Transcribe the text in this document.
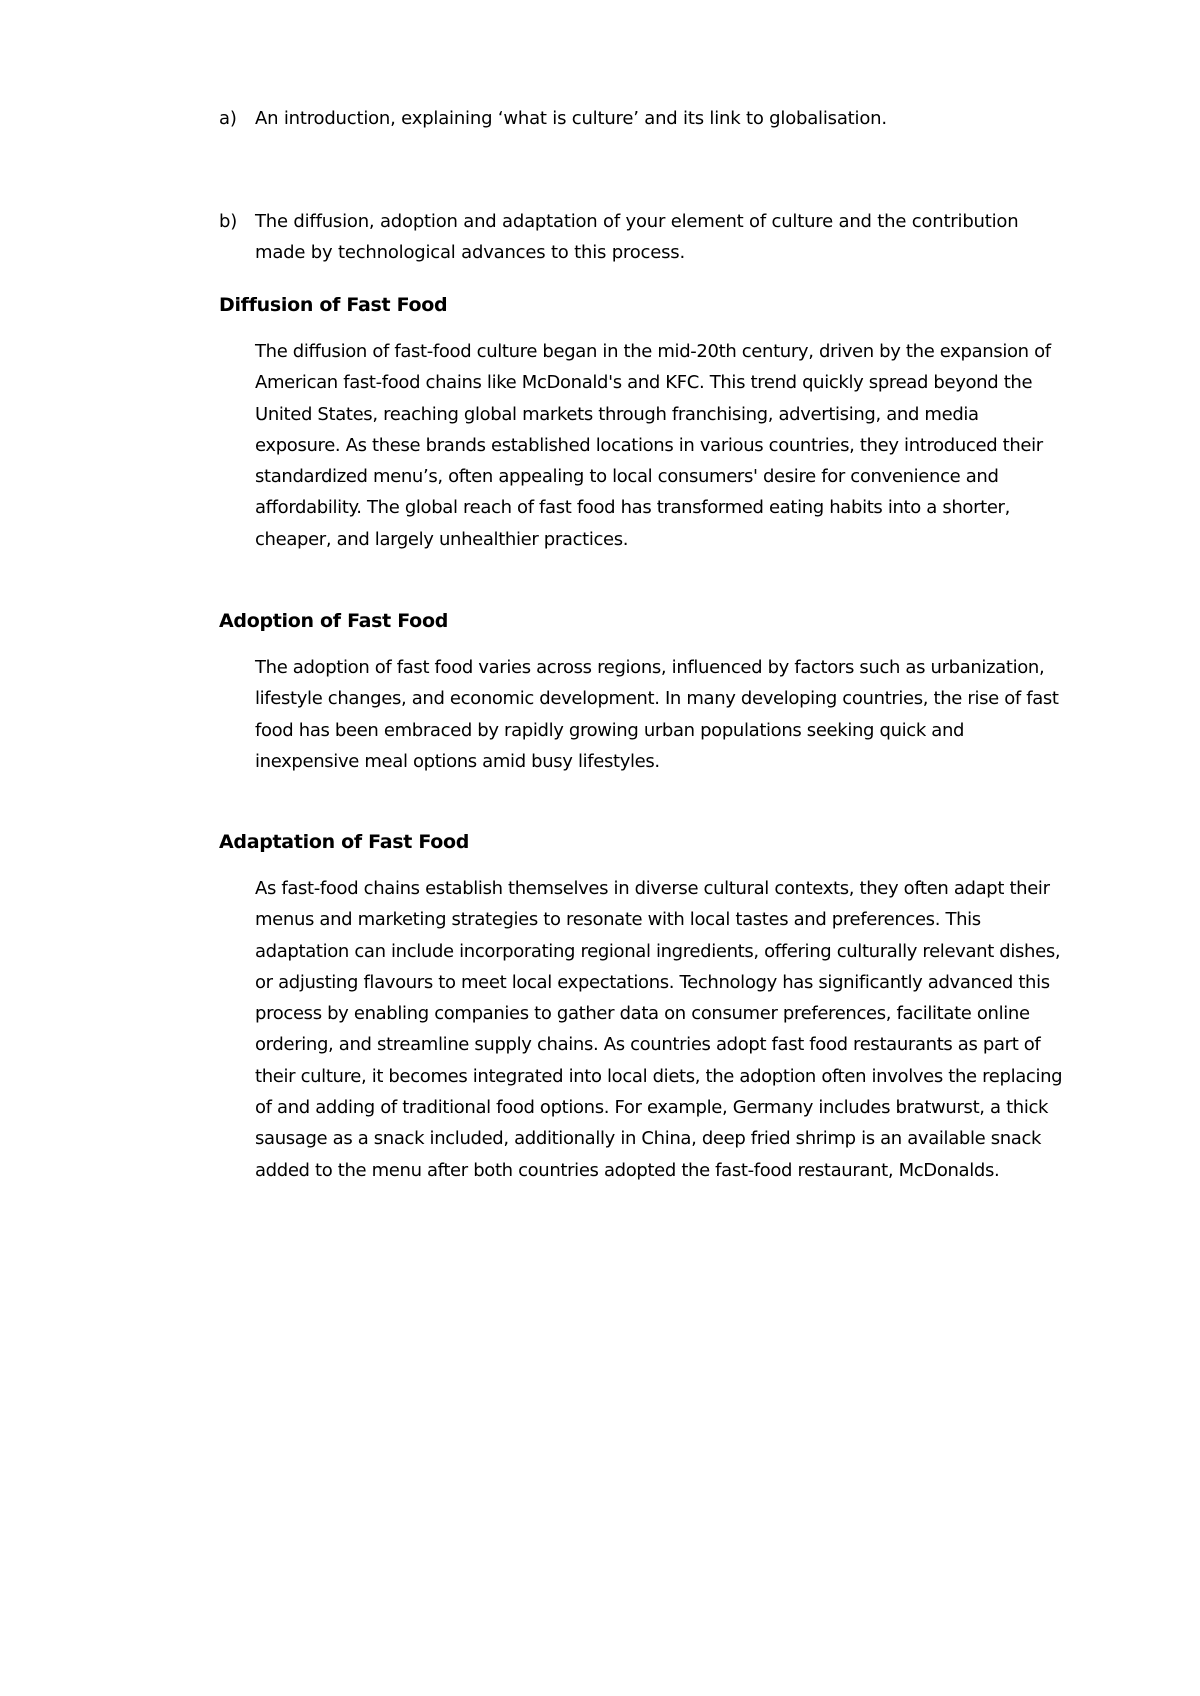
a)	An introduction, explaining ‘what is culture’ and its link to globalisation.
b) The diffusion, adoption and adaptation of your element of culture and the contribution made by technological advances to this process.
Diffusion of Fast Food
The diffusion of fast-food culture began in the mid-20th century, driven by the expansion of American fast-food chains like McDonald's and KFC. This trend quickly spread beyond the United States, reaching global markets through franchising, advertising, and media exposure. As these brands established locations in various countries, they introduced their standardized menu’s, often appealing to local consumers' desire for convenience and affordability. The global reach of fast food has transformed eating habits into a shorter, cheaper, and largely unhealthier practices.
Adoption of Fast Food
The adoption of fast food varies across regions, influenced by factors such as urbanization, lifestyle changes, and economic development. In many developing countries, the rise of fast food has been embraced by rapidly growing urban populations seeking quick and inexpensive meal options amid busy lifestyles.
Adaptation of Fast Food
As fast-food chains establish themselves in diverse cultural contexts, they often adapt their menus and marketing strategies to resonate with local tastes and preferences. This adaptation can include incorporating regional ingredients, offering culturally relevant dishes, or adjusting flavours to meet local expectations. Technology has significantly advanced this process by enabling companies to gather data on consumer preferences, facilitate online ordering, and streamline supply chains. As countries adopt fast food restaurants as part of their culture, it becomes integrated into local diets, the adoption often involves the replacing of and adding of traditional food options. For example, Germany includes bratwurst, a thick sausage as a snack included, additionally in China, deep fried shrimp is an available snack added to the menu after both countries adopted the fast-food restaurant, McDonalds.
